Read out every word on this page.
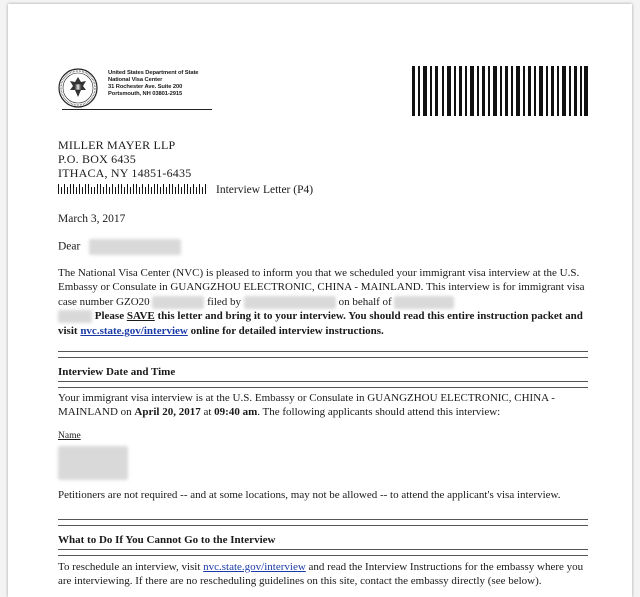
United States Department of State
National Visa Center
31 Rochester Ave. Suite 200
Portsmouth, NH 03801-2915
MILLER MAYER LLP
P.O. BOX 6435
ITHACA, NY 14851-6435
Interview Letter (P4)
March 3, 2017
Dear
The National Visa Center (NVC) is pleased to inform you that we scheduled your immigrant visa interview at the U.S. Embassy or Consulate in GUANGZHOU ELECTRONIC, CHINA - MAINLAND. This interview is for immigrant visa case number GZO20	filed by	on behalf of
Please SAVE this letter and bring it to your interview. You should read this entire instruction packet and visit nvc.state.gov/interview online for detailed interview instructions.
Interview Date and Time
Your immigrant visa interview is at the U.S. Embassy or Consulate in GUANGZHOU ELECTRONIC, CHINA - MAINLAND on April 20, 2017 at 09:40 am. The following applicants should attend this interview:
Name
Petitioners are not required -- and at some locations, may not be allowed -- to attend the applicant's visa interview.
What to Do If You Cannot Go to the Interview
To reschedule an interview, visit nvc.state.gov/interview and read the Interview Instructions for the embassy where you are interviewing. If there are no rescheduling guidelines on this site, contact the embassy directly (see below).
